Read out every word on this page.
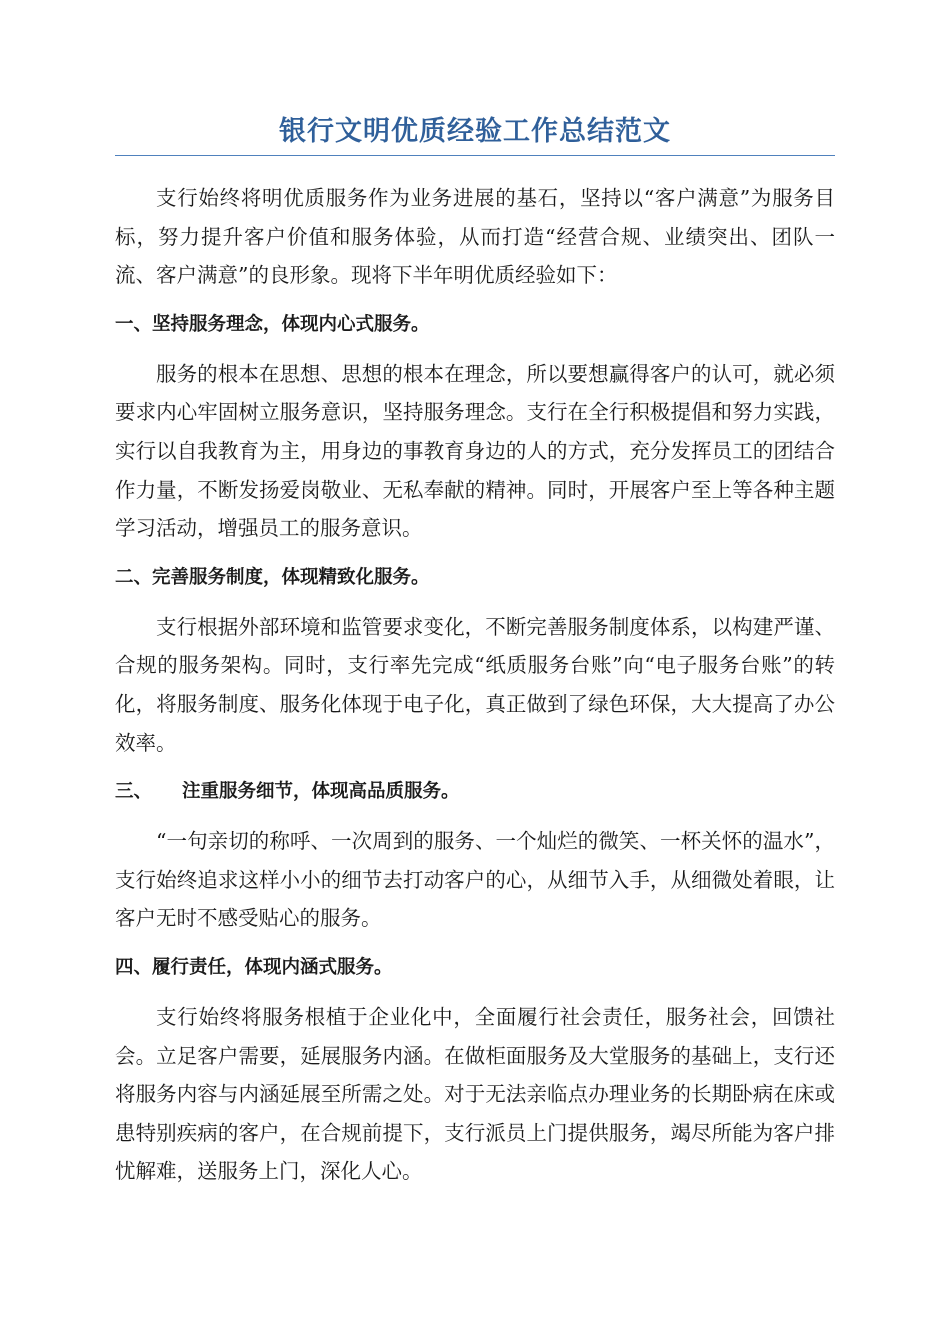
银行文明优质经验工作总结范文

支行始终将明优质服务作为业务进展的基石，坚持以“客户满意”为服务目标，努力提升客户价值和服务体验，从而打造“经营合规、业绩突出、团队一流、客户满意”的良形象。现将下半年明优质经验如下：

一、坚持服务理念，体现内心式服务。

服务的根本在思想、思想的根本在理念，所以要想赢得客户的认可，就必须要求内心牢固树立服务意识，坚持服务理念。支行在全行积极提倡和努力实践，实行以自我教育为主，用身边的事教育身边的人的方式，充分发挥员工的团结合作力量，不断发扬爱岗敬业、无私奉献的精神。同时，开展客户至上等各种主题学习活动，增强员工的服务意识。

二、完善服务制度，体现精致化服务。

支行根据外部环境和监管要求变化，不断完善服务制度体系，以构建严谨、合规的服务架构。同时，支行率先完成“纸质服务台账”向“电子服务台账”的转化，将服务制度、服务化体现于电子化，真正做到了绿色环保，大大提高了办公效率。

三、 注重服务细节，体现高品质服务。

“一句亲切的称呼、一次周到的服务、一个灿烂的微笑、一杯关怀的温水”，支行始终追求这样小小的细节去打动客户的心，从细节入手，从细微处着眼，让客户无时不感受贴心的服务。

四、履行责任，体现内涵式服务。

支行始终将服务根植于企业化中，全面履行社会责任，服务社会，回馈社会。立足客户需要，延展服务内涵。在做柜面服务及大堂服务的基础上，支行还将服务内容与内涵延展至所需之处。对于无法亲临点办理业务的长期卧病在床或患特别疾病的客户，在合规前提下，支行派员上门提供服务，竭尽所能为客户排忧解难，送服务上门，深化人心。
